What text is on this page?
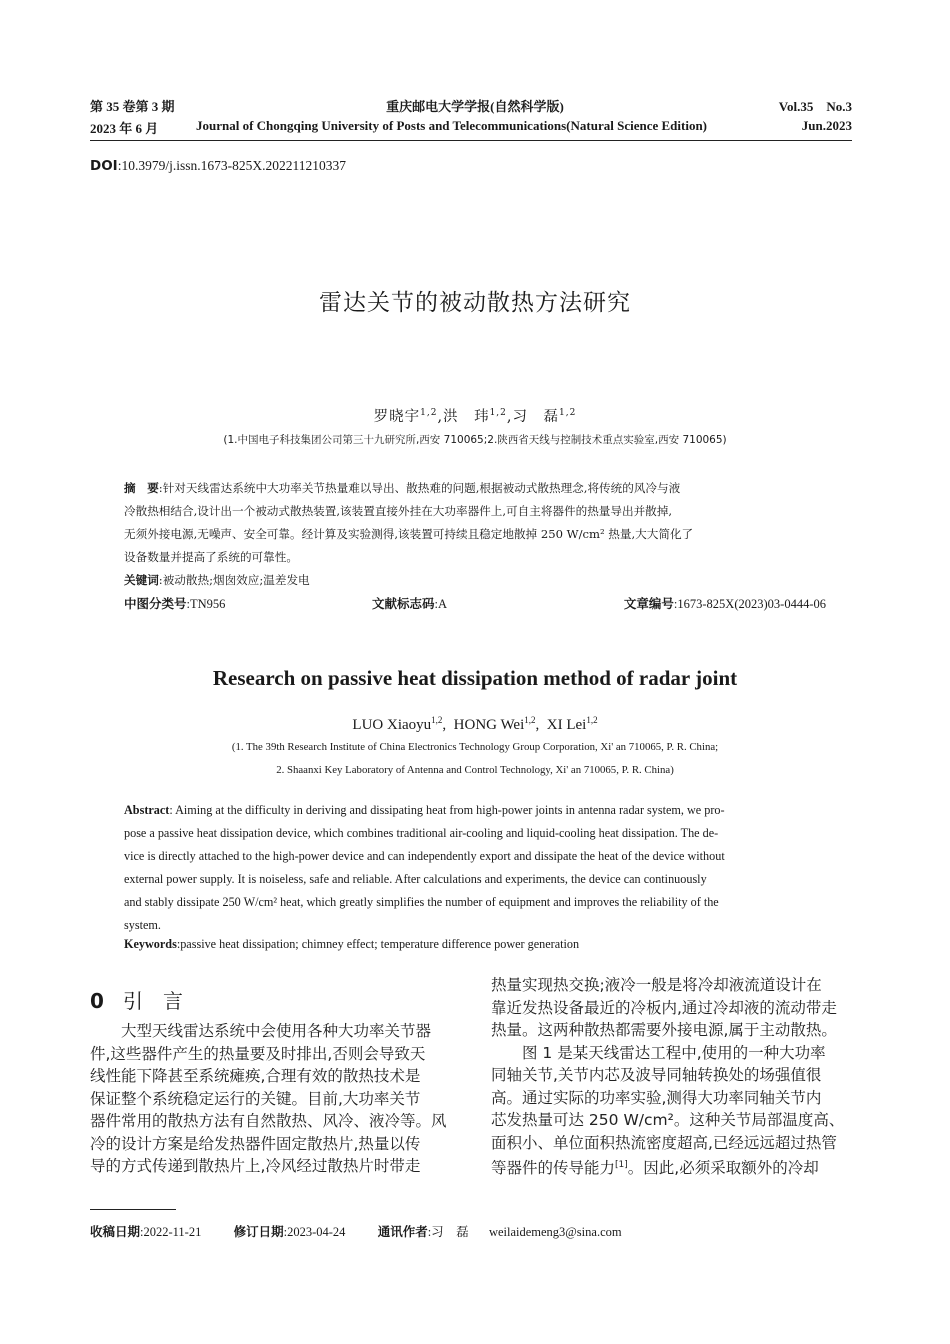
第 35 卷第 3 期	重庆邮电大学学报(自然科学版)	Vol.35　No.3
2023 年 6 月	Journal of Chongqing University of Posts and Telecommunications(Natural Science Edition)	Jun.2023
DOI:10.3979/j.issn.1673-825X.202211210337
雷达关节的被动散热方法研究
罗晓宇$^{1,2}$,洪　玮$^{1,2}$,习　磊$^{1,2}$
(1.中国电子科技集团公司第三十九研究所,西安 710065;2.陕西省天线与控制技术重点实验室,西安 710065)
摘　要:针对天线雷达系统中大功率关节热量难以导出、散热难的问题,根据被动式散热理念,将传统的风冷与液
冷散热相结合,设计出一个被动式散热装置,该装置直接外挂在大功率器件上,可自主将器件的热量导出并散掉,
无须外接电源,无噪声、安全可靠。经计算及实验测得,该装置可持续且稳定地散掉 250 W/cm² 热量,大大简化了
设备数量并提高了系统的可靠性。
关键词:被动散热;烟囱效应;温差发电
中图分类号:TN956	文献标志码:A	文章编号:1673-825X(2023)03-0444-06
Research on passive heat dissipation method of radar joint
LUO Xiaoyu$^{1,2}$,  HONG Wei$^{1,2}$,  XI Lei$^{1,2}$
(1. The 39th Research Institute of China Electronics Technology Group Corporation, Xi' an 710065, P. R. China;
2. Shaanxi Key Laboratory of Antenna and Control Technology, Xi' an 710065, P. R. China)
Abstract: Aiming at the difficulty in deriving and dissipating heat from high-power joints in antenna radar system, we pro-
pose a passive heat dissipation device, which combines traditional air-cooling and liquid-cooling heat dissipation. The de-
vice is directly attached to the high-power device and can independently export and dissipate the heat of the device without
external power supply. It is noiseless, safe and reliable. After calculations and experiments, the device can continuously
and stably dissipate 250 W/cm² heat, which greatly simplifies the number of equipment and improves the reliability of the
system.
Keywords:passive heat dissipation; chimney effect; temperature difference power generation
0 引　言

　　大型天线雷达系统中会使用各种大功率关节器

件,这些器件产生的热量要及时排出,否则会导致天

线性能下降甚至系统瘫痪,合理有效的散热技术是

保证整个系统稳定运行的关键。目前,大功率关节

器件常用的散热方法有自然散热、风冷、液冷等。风

冷的设计方案是给发热器件固定散热片,热量以传

导的方式传递到散热片上,冷风经过散热片时带走

热量实现热交换;液冷一般是将冷却液流道设计在

靠近发热设备最近的冷板内,通过冷却液的流动带走

热量。这两种散热都需要外接电源,属于主动散热。

　　图 1 是某天线雷达工程中,使用的一种大功率

同轴关节,关节内芯及波导同轴转换处的场强值很

高。通过实际的功率实验,测得大功率同轴关节内

芯发热量可达 250 W/cm²。这种关节局部温度高、

面积小、单位面积热流密度超高,已经远远超过热管

等器件的传导能力[1]。因此,必须采取额外的冷却

收稿日期:2022-11-21	修订日期:2023-04-24	通讯作者:习　磊 weilaidemeng3@sina.com
